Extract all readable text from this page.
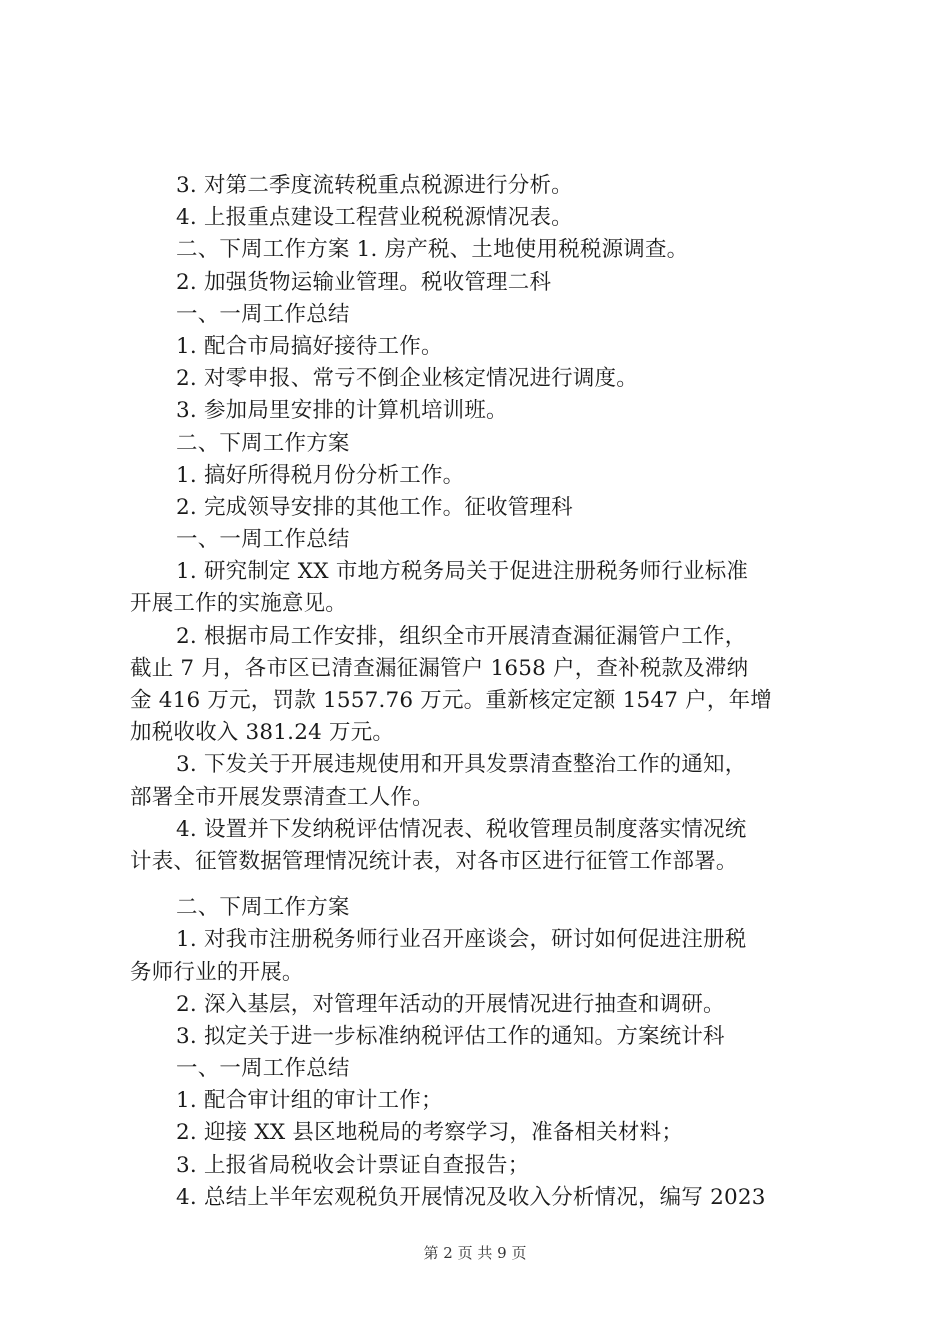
3. 对第二季度流转税重点税源进行分析。
4. 上报重点建设工程营业税税源情况表。
二、下周工作方案 1. 房产税、土地使用税税源调查。
2. 加强货物运输业管理。税收管理二科
一、一周工作总结
1. 配合市局搞好接待工作。
2. 对零申报、常亏不倒企业核定情况进行调度。
3. 参加局里安排的计算机培训班。
二、下周工作方案
1. 搞好所得税月份分析工作。
2. 完成领导安排的其他工作。征收管理科
一、一周工作总结
1. 研究制定 XX 市地方税务局关于促进注册税务师行业标准
开展工作的实施意见。
2. 根据市局工作安排，组织全市开展清查漏征漏管户工作，
截止 7 月，各市区已清查漏征漏管户 1658 户，查补税款及滞纳
金 416 万元，罚款 1557.76 万元。重新核定定额 1547 户，年增
加税收收入 381.24 万元。
3. 下发关于开展违规使用和开具发票清查整治工作的通知，
部署全市开展发票清查工人作。
4. 设置并下发纳税评估情况表、税收管理员制度落实情况统
计表、征管数据管理情况统计表，对各市区进行征管工作部署。
二、下周工作方案
1. 对我市注册税务师行业召开座谈会，研讨如何促进注册税
务师行业的开展。
2. 深入基层，对管理年活动的开展情况进行抽查和调研。
3. 拟定关于进一步标准纳税评估工作的通知。方案统计科
一、一周工作总结
1. 配合审计组的审计工作；
2. 迎接 XX 县区地税局的考察学习，准备相关材料；
3. 上报省局税收会计票证自查报告；
4. 总结上半年宏观税负开展情况及收入分析情况，编写 2023
第 2 页 共 9 页
